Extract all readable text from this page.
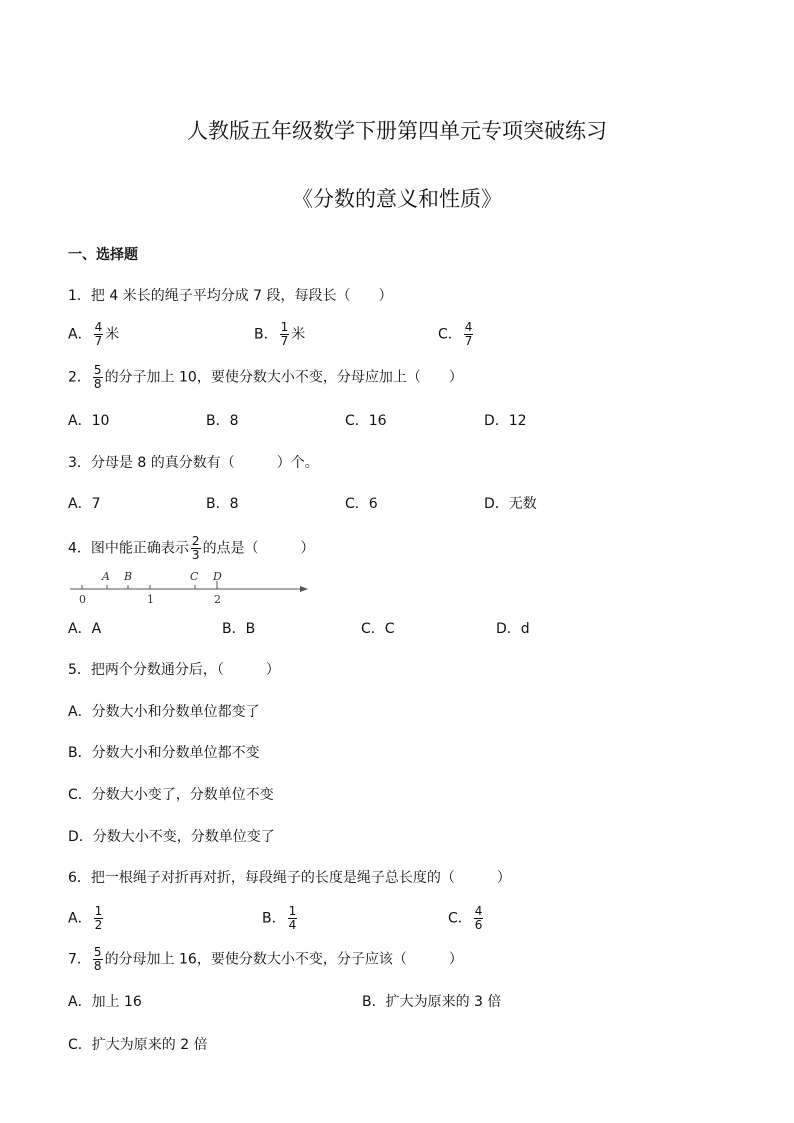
人教版五年级数学下册第四单元专项突破练习
《分数的意义和性质》
一、选择题
1．把 4 米长的绳子平均分成 7 段，每段长（　　）
A． $\frac{4}{7}$ 米	B． $\frac{1}{7}$ 米	C． $\frac{4}{7}$
2． $\frac{5}{8}$ 的分子加上 10，要使分数大小不变，分母应加上（　　）
A．10	B．8	C．16	D．12
3．分母是 8 的真分数有（　　　）个。
A．7	B．8	C．6	D．无数
4．图中能正确表示 $\frac{2}{3}$ 的点是（　　　）
A B	C D
0	1	2
A．A	B．B	C．C	D．d
5．把两个分数通分后，（　　　）
A．分数大小和分数单位都变了
B．分数大小和分数单位都不变
C．分数大小变了，分数单位不变
D．分数大小不变，分数单位变了
6．把一根绳子对折再对折，每段绳子的长度是绳子总长度的（　　　）
A． $\frac{1}{2}$	B． $\frac{1}{4}$	C． $\frac{4}{6}$
7． $\frac{5}{8}$ 的分母加上 16，要使分数大小不变，分子应该（　　　）
A．加上 16	B．扩大为原来的 3 倍
C．扩大为原来的 2 倍
